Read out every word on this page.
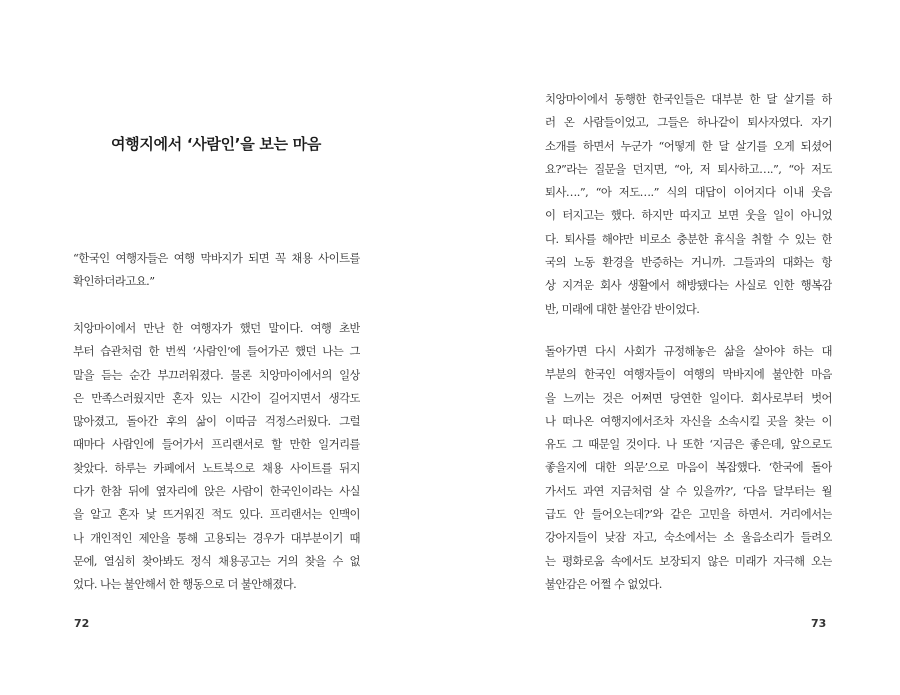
여행지에서 ‘사람인’을 보는 마음

“한국인 여행자들은 여행 막바지가 되면 꼭 채용 사이트를
확인하더라고요.”

치앙마이에서 만난 한 여행자가 했던 말이다. 여행 초반
부터 습관처럼 한 번씩 ‘사람인’에 들어가곤 했던 나는 그
말을 듣는 순간 부끄러워졌다. 물론 치앙마이에서의 일상
은 만족스러웠지만 혼자 있는 시간이 길어지면서 생각도
많아졌고, 돌아간 후의 삶이 이따금 걱정스러웠다. 그럴
때마다 사람인에 들어가서 프리랜서로 할 만한 일거리를
찾았다. 하루는 카페에서 노트북으로 채용 사이트를 뒤지
다가 한참 뒤에 옆자리에 앉은 사람이 한국인이라는 사실
을 알고 혼자 낯 뜨거워진 적도 있다. 프리랜서는 인맥이
나 개인적인 제안을 통해 고용되는 경우가 대부분이기 때
문에, 열심히 찾아봐도 정식 채용공고는 거의 찾을 수 없
었다. 나는 불안해서 한 행동으로 더 불안해졌다.

72

치앙마이에서 동행한 한국인들은 대부분 한 달 살기를 하
러 온 사람들이었고, 그들은 하나같이 퇴사자였다. 자기
소개를 하면서 누군가 “어떻게 한 달 살기를 오게 되셨어
요?”라는 질문을 던지면, “아, 저 퇴사하고….”, “아 저도
퇴사….”, “아 저도….” 식의 대답이 이어지다 이내 웃음
이 터지고는 했다. 하지만 따지고 보면 웃을 일이 아니었
다. 퇴사를 해야만 비로소 충분한 휴식을 취할 수 있는 한
국의 노동 환경을 반증하는 거니까. 그들과의 대화는 항
상 지겨운 회사 생활에서 해방됐다는 사실로 인한 행복감
반, 미래에 대한 불안감 반이었다.

돌아가면 다시 사회가 규정해놓은 삶을 살아야 하는 대
부분의 한국인 여행자들이 여행의 막바지에 불안한 마음
을 느끼는 것은 어쩌면 당연한 일이다. 회사로부터 벗어
나 떠나온 여행지에서조차 자신을 소속시킬 곳을 찾는 이
유도 그 때문일 것이다. 나 또한 ‘지금은 좋은데, 앞으로도
좋을지에 대한 의문’으로 마음이 복잡했다. ‘한국에 돌아
가서도 과연 지금처럼 살 수 있을까?’, ‘다음 달부터는 월
급도 안 들어오는데?’와 같은 고민을 하면서. 거리에서는
강아지들이 낮잠 자고, 숙소에서는 소 울음소리가 들려오
는 평화로움 속에서도 보장되지 않은 미래가 자극해 오는
불안감은 어쩔 수 없었다.

73
